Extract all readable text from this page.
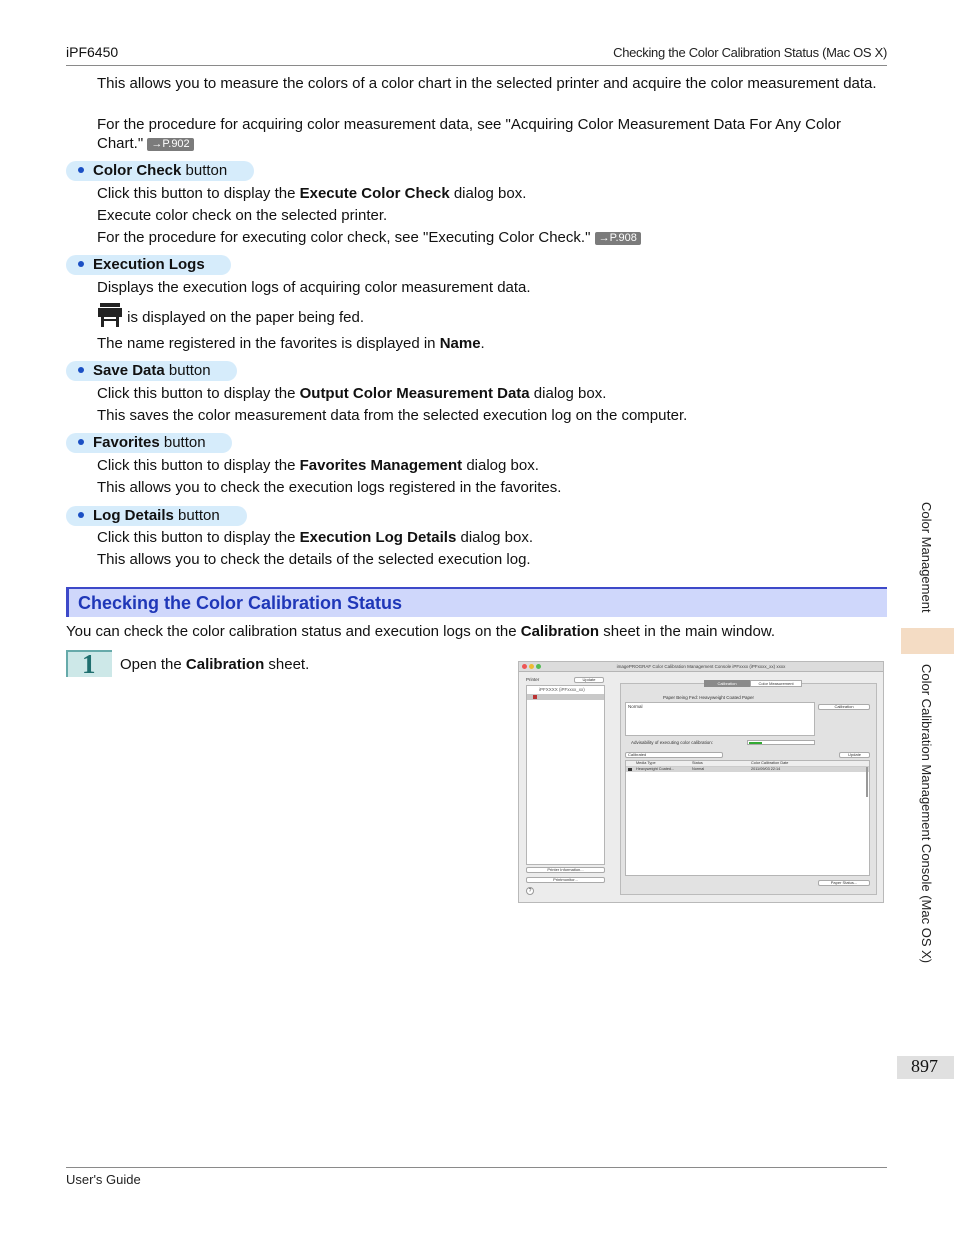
iPF6450	Checking the Color Calibration Status (Mac OS X)
This allows you to measure the colors of a color chart in the selected printer and acquire the color measurement data.
For the procedure for acquiring color measurement data, see "Acquiring Color Measurement Data For Any Color Chart." →P.902
Color Check button
Click this button to display the Execute Color Check dialog box.
Execute color check on the selected printer.
For the procedure for executing color check, see "Executing Color Check." →P.908
Execution Logs
Displays the execution logs of acquiring color measurement data.
is displayed on the paper being fed.
The name registered in the favorites is displayed in Name.
Save Data button
Click this button to display the Output Color Measurement Data dialog box.
This saves the color measurement data from the selected execution log on the computer.
Favorites button
Click this button to display the Favorites Management dialog box.
This allows you to check the execution logs registered in the favorites.
Log Details button
Click this button to display the Execution Log Details dialog box.
This allows you to check the details of the selected execution log.
Checking the Color Calibration Status
You can check the color calibration status and execution logs on the Calibration sheet in the main window.
1 Open the Calibration sheet.	imagePROGRAF Color Calibration Management Console iPFxxxx (iPFxxxx_xx) xxxx
Printer	Update
iPFXXXX (iPFxxxx_xx)
Printer Information...
Printmonitor...
?
Calibration	Color Measurement
Paper Being Fed: Heavyweight Coated Paper
Normal	Calibration
Advisability of executing color calibration:
Calibrated	Update
Media Type	Status	Color Calibration Date
Heavyweight Coated...	Normal	2011/09/03 22:14
Paper Status...
Color Management
Color Calibration Management Console (Mac OS X)
897
User's Guide
